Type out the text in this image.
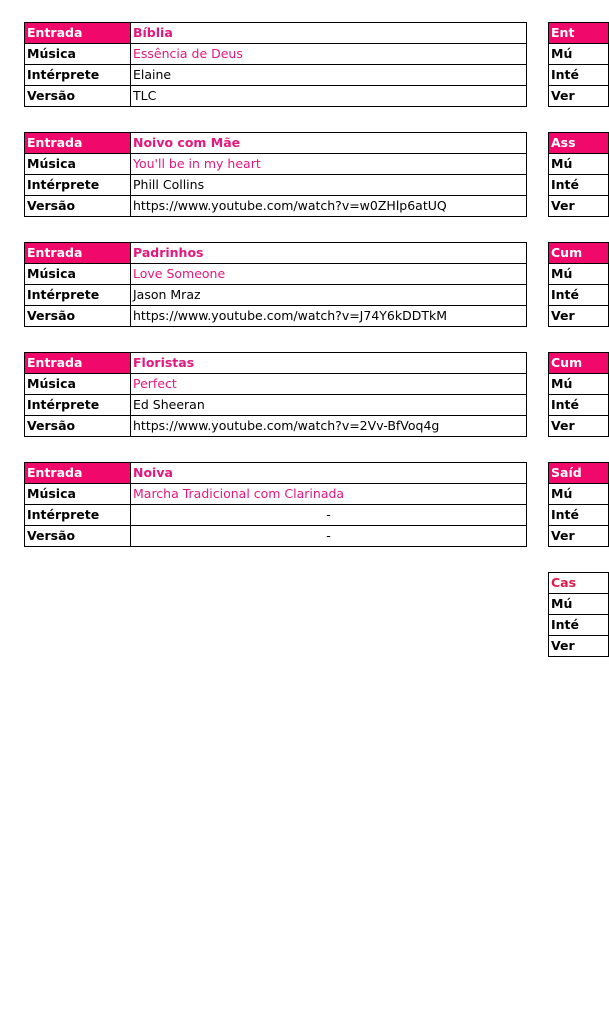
Entrada	Bíblia
Música	Essência de Deus
Intérprete	Elaine
Versão	TLC
Entrada	Noivo com Mãe
Música	You'll be in my heart
Intérprete	Phill Collins
Versão	https://www.youtube.com/watch?v=w0ZHlp6atUQ
Entrada	Padrinhos
Música	Love Someone
Intérprete	Jason Mraz
Versão	https://www.youtube.com/watch?v=J74Y6kDDTkM
Entrada	Floristas
Música	Perfect
Intérprete	Ed Sheeran
Versão	https://www.youtube.com/watch?v=2Vv-BfVoq4g
Entrada	Noiva
Música	Marcha Tradicional com Clarinada
Intérprete	-
Versão	-
Ent
Mú
Inté
Ver
Ass
Mú
Inté
Ver
Cum
Mú
Inté
Ver
Cum
Mú
Inté
Ver
Saíd
Mú
Inté
Ver
Cas
Mú
Inté
Ver
